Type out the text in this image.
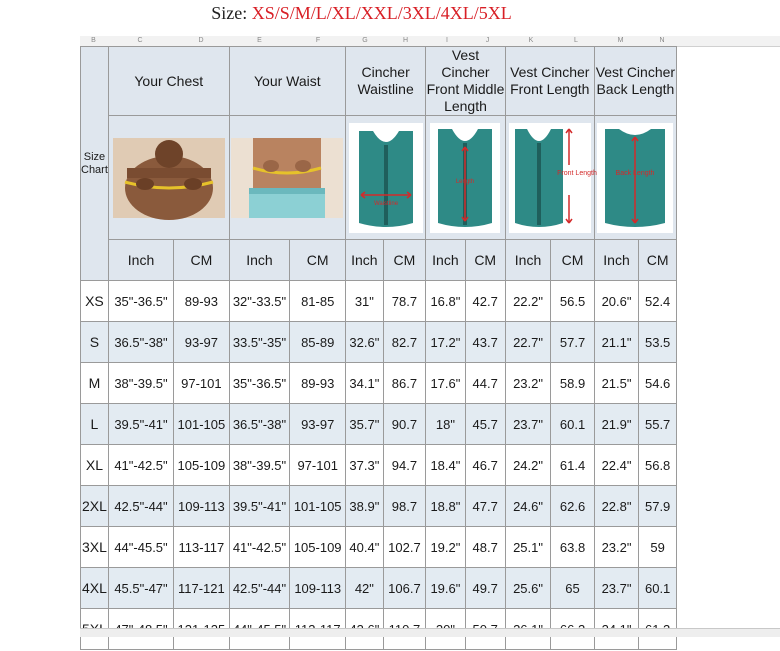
Size: XS/S/M/L/XL/XXL/3XL/4XL/5XL
B	C	D	E	F	G	H	I	J	K	L	M	N
Size Chart	Your Chest		Your Waist		Cincher Waistline		Vest Cincher Front Middle Length		Vest Cincher Front Length		Vest Cincher Back Length	

Waistline		Length		Front Length		Back Length	

	Inch	CM	Inch	CM	Inch	CM	Inch	CM	Inch	CM	Inch	CM
XS	35"-36.5"	89-93	32"-33.5"	81-85	31"	78.7	16.8"	42.7	22.2"	56.5	20.6"	52.4
S	36.5"-38"	93-97	33.5"-35"	85-89	32.6"	82.7	17.2"	43.7	22.7"	57.7	21.1"	53.5
M	38"-39.5"	97-101	35"-36.5"	89-93	34.1"	86.7	17.6"	44.7	23.2"	58.9	21.5"	54.6
L	39.5"-41"	101-105	36.5"-38"	93-97	35.7"	90.7	18"	45.7	23.7"	60.1	21.9"	55.7
XL	41"-42.5"	105-109	38"-39.5"	97-101	37.3"	94.7	18.4"	46.7	24.2"	61.4	22.4"	56.8
2XL	42.5"-44"	109-113	39.5"-41"	101-105	38.9"	98.7	18.8"	47.7	24.6"	62.6	22.8"	57.9
3XL	44"-45.5"	113-117	41"-42.5"	105-109	40.4"	102.7	19.2"	48.7	25.1"	63.8	23.2"	59
4XL	45.5"-47"	117-121	42.5"-44"	109-113	42"	106.7	19.6"	49.7	25.6"	65	23.7"	60.1
